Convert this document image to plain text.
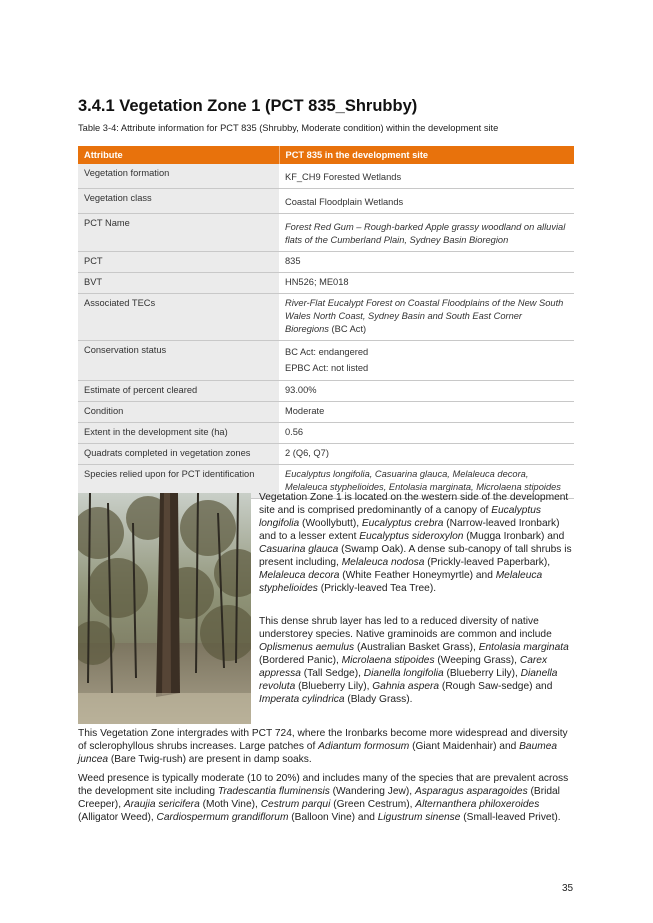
3.4.1 Vegetation Zone 1 (PCT 835_Shrubby)
Table 3-4: Attribute information for PCT 835 (Shrubby, Moderate condition) within the development site
Attribute	PCT 835 in the development site
Vegetation formation	KF_CH9 Forested Wetlands
Vegetation class	Coastal Floodplain Wetlands
PCT Name	Forest Red Gum – Rough-barked Apple grassy woodland on alluvial flats of the Cumberland Plain, Sydney Basin Bioregion
PCT	835
BVT	HN526; ME018
Associated TECs	River-Flat Eucalypt Forest on Coastal Floodplains of the New South Wales North Coast, Sydney Basin and South East Corner Bioregions (BC Act)
Conservation status	BC Act: endangered
EPBC Act: not listed

Estimate of percent cleared	93.00%
Condition	Moderate
Extent in the development site (ha)	0.56
Quadrats completed in vegetation zones	2 (Q6, Q7)
Species relied upon for PCT identification	Eucalyptus longifolia, Casuarina glauca, Melaleuca decora, Melaleuca styphelioides, Entolasia marginata, Microlaena stipoides

Vegetation Zone 1 is located on the western side of the development site and is comprised predominantly of a canopy of Eucalyptus longifolia (Woollybutt), Eucalyptus crebra (Narrow-leaved Ironbark) and to a lesser extent Eucalyptus sideroxylon (Mugga Ironbark) and Casuarina glauca (Swamp Oak). A dense sub-canopy of tall shrubs is present including, Melaleuca nodosa (Prickly-leaved Paperbark), Melaleuca decora (White Feather Honeymyrtle) and Melaleuca styphelioides (Prickly-leaved Tea Tree).

This dense shrub layer has led to a reduced diversity of native understorey species. Native graminoids are common and include Oplismenus aemulus (Australian Basket Grass), Entolasia marginata (Bordered Panic), Microlaena stipoides (Weeping Grass), Carex appressa (Tall Sedge), Dianella longifolia (Blueberry Lily), Dianella revoluta (Blueberry Lily), Gahnia aspera (Rough Saw-sedge) and Imperata cylindrica (Blady Grass).

This Vegetation Zone intergrades with PCT 724, where the Ironbarks become more widespread and diversity of sclerophyllous shrubs increases. Large patches of Adiantum formosum (Giant Maidenhair) and Baumea juncea (Bare Twig-rush) are present in damp soaks.

Weed presence is typically moderate (10 to 20%) and includes many of the species that are prevalent across the development site including Tradescantia fluminensis (Wandering Jew), Asparagus asparagoides (Bridal Creeper), Araujia sericifera (Moth Vine), Cestrum parqui (Green Cestrum), Alternanthera philoxeroides (Alligator Weed), Cardiospermum grandiflorum (Balloon Vine) and Ligustrum sinense (Small-leaved Privet).

35
